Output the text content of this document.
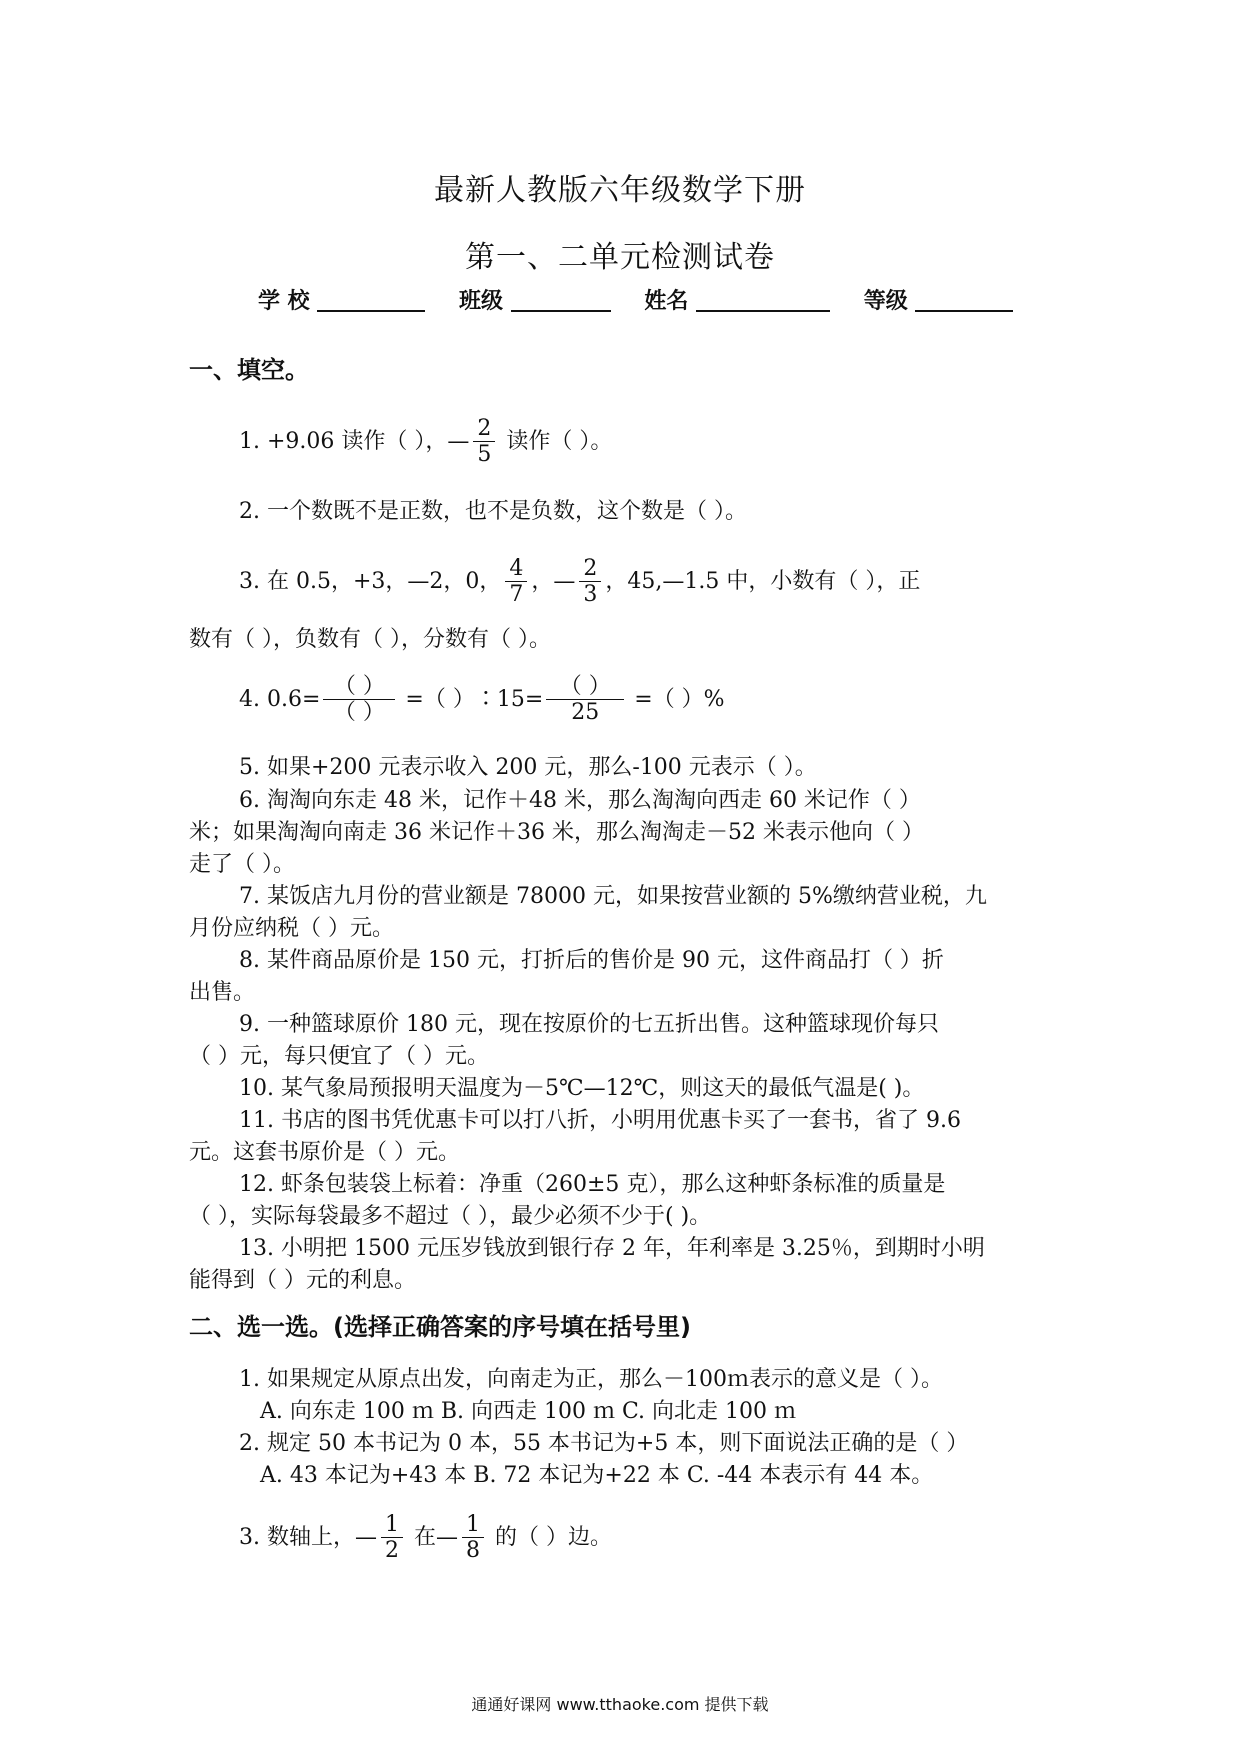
最新人教版六年级数学下册
第一、二单元检测试卷
学 校	班级	姓名	等级
一、填空。
1. +9.06 读作（ ），— $\frac{2}{5}$ 读作（ ）。
2. 一个数既不是正数，也不是负数，这个数是（ ）。
3. 在 0.5，+3，—2，0， $\frac{4}{7}$ ，— $\frac{2}{3}$ ，45,—1.5 中，小数有（ ），正
数有（ ），负数有（ ），分数有（ ）。
4. $0.6= \frac{( )}{( )}$ =（ ）∶15= $\frac{( )}{25}$ =（ ）%
5. 如果+200 元表示收入 200 元，那么-100 元表示（ ）。
6. 淘淘向东走 48 米，记作＋48 米，那么淘淘向西走 60 米记作（ ）
米；如果淘淘向南走 36 米记作＋36 米，那么淘淘走－52 米表示他向（ ）
走了（ ）。
7. 某饭店九月份的营业额是 78000 元，如果按营业额的 5%缴纳营业税，九
月份应纳税（ ）元。
8. 某件商品原价是 150 元，打折后的售价是 90 元，这件商品打（ ）折
出售。
9. 一种篮球原价 180 元，现在按原价的七五折出售。这种篮球现价每只
（ ）元，每只便宜了（ ）元。
10. 某气象局预报明天温度为－5℃—12℃，则这天的最低气温是( )。
11. 书店的图书凭优惠卡可以打八折，小明用优惠卡买了一套书，省了 9.6
元。这套书原价是（ ）元。
12. 虾条包装袋上标着：净重（260±5 克），那么这种虾条标准的质量是
（ ），实际每袋最多不超过（ ），最少必须不少于( )。
13. 小明把 1500 元压岁钱放到银行存 2 年，年利率是 3.25％，到期时小明
能得到（ ）元的利息。
二、选一选。(选择正确答案的序号填在括号里)
1. 如果规定从原点出发，向南走为正，那么－100ｍ表示的意义是（ ）。
A. 向东走 100 ｍ B. 向西走 100 ｍ C. 向北走 100 ｍ
2. 规定 50 本书记为 0 本，55 本书记为+5 本，则下面说法正确的是（ ）
A. 43 本记为+43 本 B. 72 本记为+22 本 C. -44 本表示有 44 本。
3. 数轴上，— $\frac{1}{2}$ 在— $\frac{1}{8}$ 的（ ）边。
通通好课网 www.tthaoke.com 提供下载
